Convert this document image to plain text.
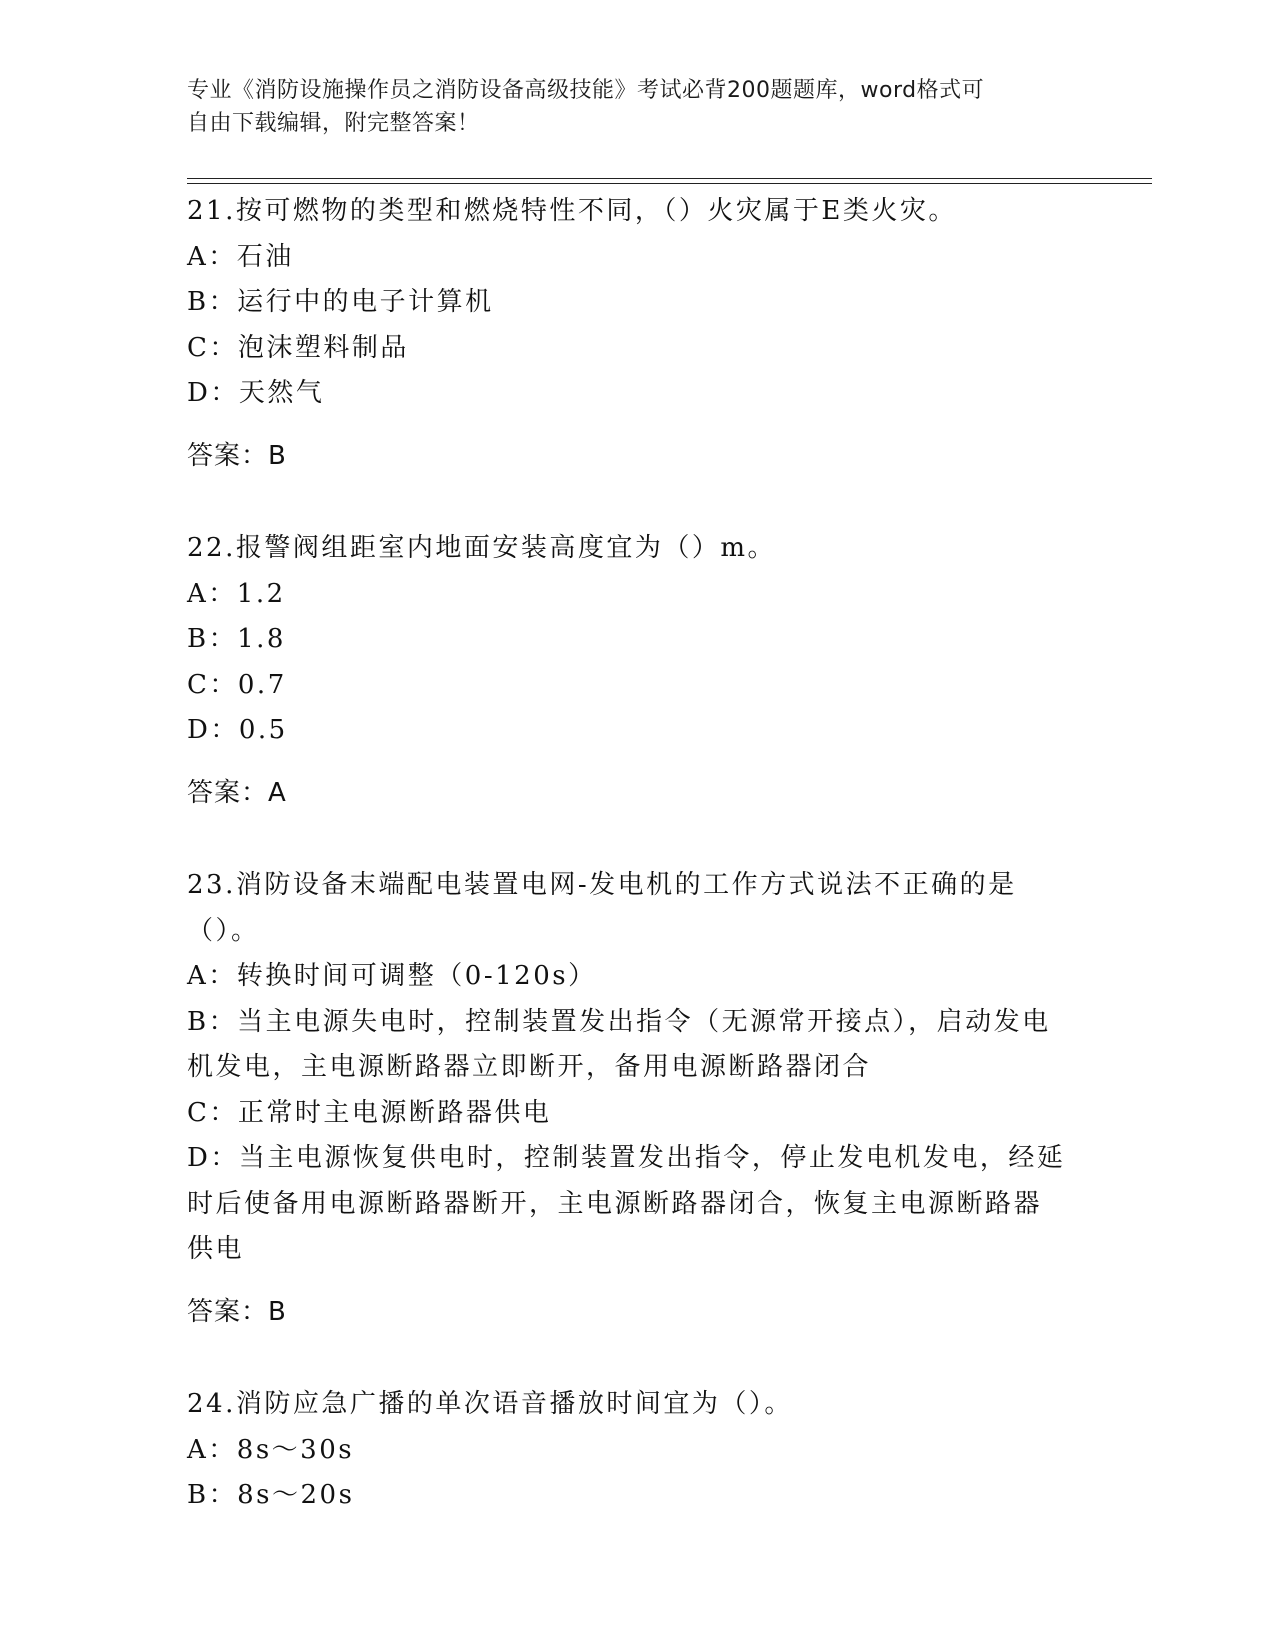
专业《消防设施操作员之消防设备高级技能》考试必背200题题库，word格式可
自由下载编辑，附完整答案！

21.按可燃物的类型和燃烧特性不同，（）火灾属于E类火灾。

A：石油

B：运行中的电子计算机

C：泡沫塑料制品

D：天然气

答案：B

22.报警阀组距室内地面安装高度宜为（）m。

A：1.2

B：1.8

C：0.7

D：0.5

答案：A

23.消防设备末端配电装置电网-发电机的工作方式说法不正确的是（）。

A：转换时间可调整（0-120s）

B：当主电源失电时，控制装置发出指令（无源常开接点），启动发电机发电，主电源断路器立即断开，备用电源断路器闭合

C：正常时主电源断路器供电

D：当主电源恢复供电时，控制装置发出指令，停止发电机发电，经延时后使备用电源断路器断开，主电源断路器闭合，恢复主电源断路器供电

答案：B

24.消防应急广播的单次语音播放时间宜为（）。

A：8s～30s

B：8s～20s
